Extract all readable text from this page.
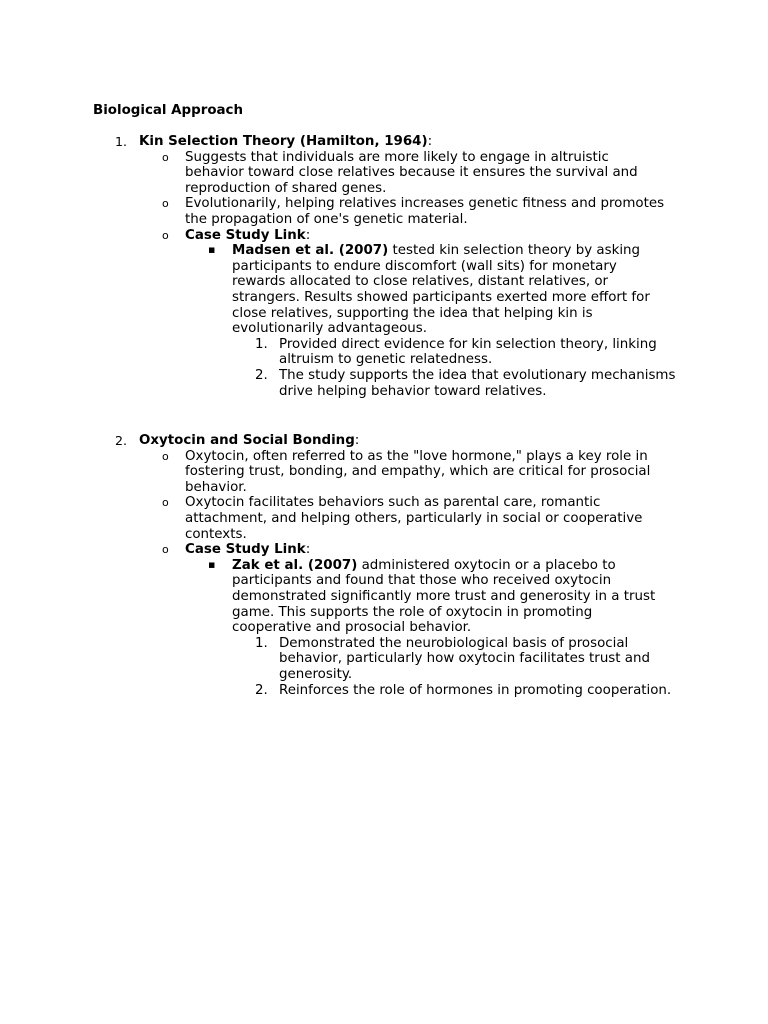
Biological Approach
1. Kin Selection Theory (Hamilton, 1964):
o Suggests that individuals are more likely to engage in altruistic behavior toward close relatives because it ensures the survival and reproduction of shared genes.
o Evolutionarily, helping relatives increases genetic fitness and promotes the propagation of one's genetic material.
o Case Study Link:
▪ Madsen et al. (2007) tested kin selection theory by asking participants to endure discomfort (wall sits) for monetary rewards allocated to close relatives, distant relatives, or strangers. Results showed participants exerted more effort for close relatives, supporting the idea that helping kin is evolutionarily advantageous.
1. Provided direct evidence for kin selection theory, linking altruism to genetic relatedness.
2. The study supports the idea that evolutionary mechanisms drive helping behavior toward relatives.
2. Oxytocin and Social Bonding:
o Oxytocin, often referred to as the "love hormone," plays a key role in fostering trust, bonding, and empathy, which are critical for prosocial behavior.
o Oxytocin facilitates behaviors such as parental care, romantic attachment, and helping others, particularly in social or cooperative contexts.
o Case Study Link:
▪ Zak et al. (2007) administered oxytocin or a placebo to participants and found that those who received oxytocin demonstrated significantly more trust and generosity in a trust game. This supports the role of oxytocin in promoting cooperative and prosocial behavior.
1. Demonstrated the neurobiological basis of prosocial behavior, particularly how oxytocin facilitates trust and generosity.
2. Reinforces the role of hormones in promoting cooperation.
